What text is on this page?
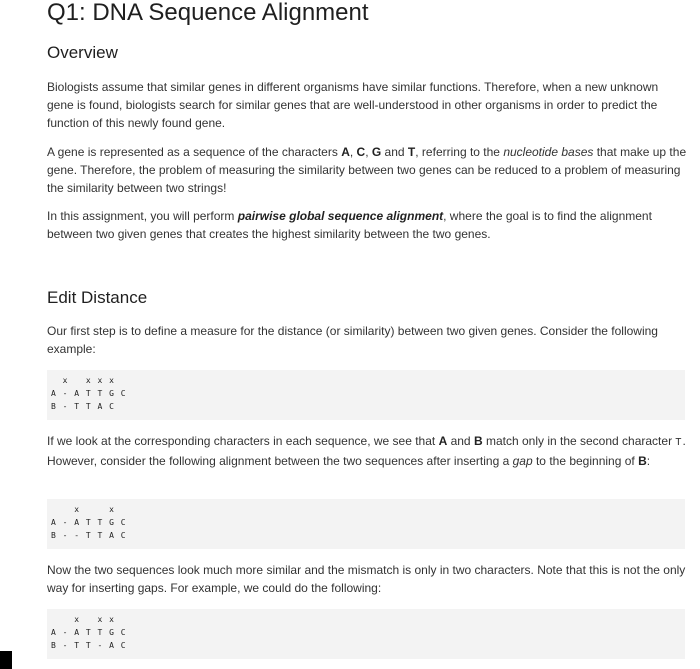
Q1: DNA Sequence Alignment
Overview

Biologists assume that similar genes in different organisms have similar functions. Therefore, when a new unknown gene is found, biologists search for similar genes that are well-understood in other organisms in order to predict the function of this newly found gene.

A gene is represented as a sequence of the characters A, C, G and T, referring to the nucleotide bases that make up the gene. Therefore, the problem of measuring the similarity between two genes can be reduced to a problem of measuring the similarity between two strings!

In this assignment, you will perform pairwise global sequence alignment, where the goal is to find the alignment between two given genes that creates the highest similarity between the two genes.

Edit Distance

Our first step is to define a measure for the distance (or similarity) between two given genes. Consider the following example:

x   x x x
A - A T T G C
B - T T A C

If we look at the corresponding characters in each sequence, we see that A and B match only in the second character T. However, consider the following alignment between the two sequences after inserting a gap to the beginning of B:

x     x
A - A T T G C
B - - T T A C

Now the two sequences look much more similar and the mismatch is only in two characters. Note that this is not the only way for inserting gaps. For example, we could do the following:

x   x x
A - A T T G C
B - T T - A C
